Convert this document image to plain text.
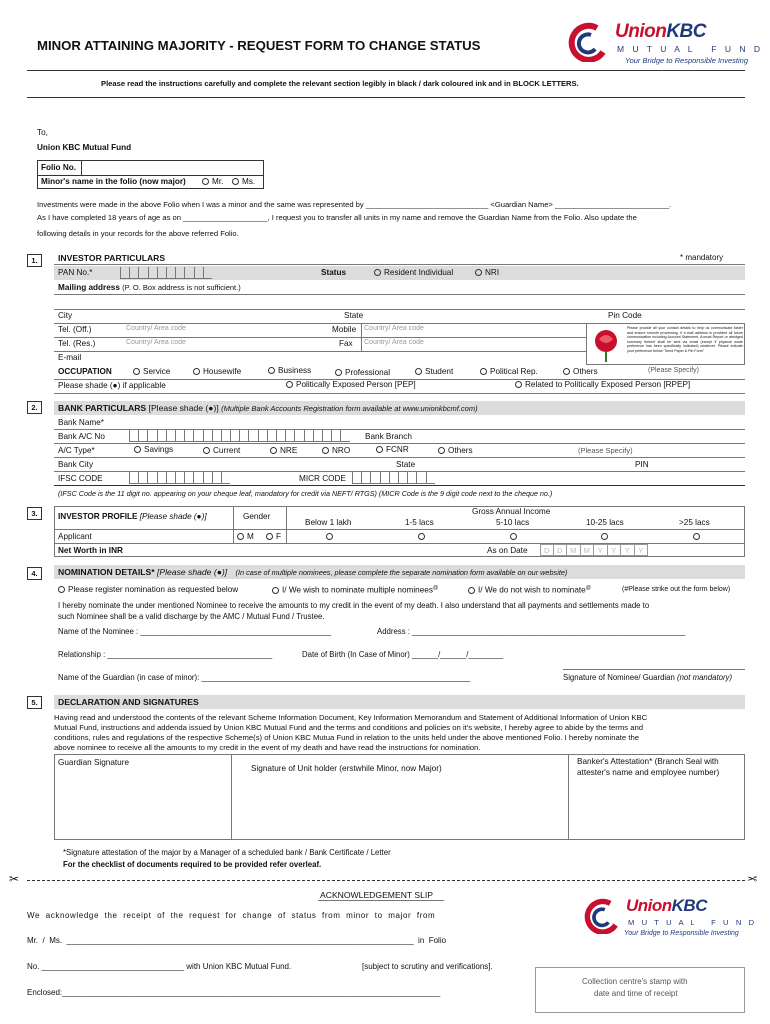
MINOR ATTAINING MAJORITY - REQUEST FORM TO CHANGE STATUS
UnionKBC
M U T U A L   F U N D
Your Bridge to Responsible Investing
Please read the instructions carefully and complete the relevant section legibly in black / dark coloured ink and in BLOCK LETTERS.
To,
Union KBC Mutual Fund
Folio No.
Minor's name in the folio (now major)	Mr.	Ms.
Investments were made in the above Folio when I was a minor and the same was represented by _____________________________ <Guardian Name> ___________________________.
As I have completed 18 years of age as on ____________________, I request you to transfer all units in my name and remove the Guardian Name from the Folio. Also update the
following details in your records for the above referred Folio.
1.	INVESTOR PARTICULARS	* mandatory
PAN No.*	Status	Resident Individual	NRI
Mailing address (P. O. Box address is not sufficient.)
City	State	Pin Code
Tel. (Off.)	Country/ Area code	Mobile Country/ Area code
Tel. (Res.)	Country/ Area code	Fax Country/ Area code
E-mail
Please provide all your contact details to help us communicate faster and ensure smooth processing. If e-mail address is provided all future communication including Account Statement, Annual Report or abridged summary thereof shall be sent via email (except if physical mode preference has been specifically indicated) whatever. Please indicate your preference below "Send Paper & Pin Form"
OCCUPATION	Service	Housewife	Business	Professional	Student	Political Rep.	Others	(Please Specify)
Please shade (●) if applicable	Politically Exposed Person [PEP]	Related to Politically Exposed Person [RPEP]
2.	BANK PARTICULARS [Please shade (●)] (Multiple Bank Accounts Registration form available at www.unionkbcmf.com)
Bank Name*
Bank A/C No	Bank Branch
A/C Type*	Savings	Current	NRE	NRO	FCNR	Others	(Please Specify)
Bank City	State	PIN
IFSC CODE	MICR CODE
(IFSC Code is the 11 digit no. appearing on your cheque leaf, mandatory for credit via NEFT/ RTGS) (MICR Code is the 9 digit code next to the cheque no.)
3.	INVESTOR PROFILE [Please shade (●)]	Gender
Gross Annual Income
Below 1 lakh	1-5 lacs	5-10 lacs	10-25 lacs	>25 lacs
Applicant	M	F
Net Worth in INR	As on Date	D	D	M M	Y	Y	Y	Y
4.	NOMINATION DETAILS* [Please shade (●)] (In case of multiple nominees, please complete the separate nomination form available on our website)
Please register nomination as requested below	I/ We wish to nominate multiple nominees@	I/ We do not wish to nominate@	(#Please strike out the form below)
I hereby nominate the under mentioned Nominee to receive the amounts to my credit in the event of my death. I also understand that all payments and settlements made to
such Nominee shall be a valid discharge by the AMC / Mutual Fund / Trustee.
Name of the Nominee : ____________________________________________	Address : _______________________________________________________________
Relationship : ______________________________________	Date of Birth (In Case of Minor) ______/______/________
Name of the Guardian (in case of minor): ______________________________________________________________	Signature of Nominee/ Guardian (not mandatory)
5.	DECLARATION AND SIGNATURES
Having read and understood the contents of the relevant Scheme Information Document, Key Information Memorandum and Statement of Additional Information of Union KBC
Mutual Fund, instructions and addenda issued by Union KBC Mutual Fund and the terms and conditions and policies on it's website, I hereby agree to abide by the terms and
conditions, rules and regulations of the respective Scheme(s) of Union KBC Mutua Fund in relation to the units held under the above mentioned Folio. I hereby nominate the
above nominee to receive all the amounts to my credit in the event of my death and have read the instructions for nomination.
Guardian Signature
Signature of Unit holder (erstwhile Minor, now Major)
Banker's Attestation* (Branch Seal with
attester's name and employee number)
*Signature attestation of the major by a Manager of a scheduled bank / Bank Certificate / Letter
For the checklist of documents required to be provided refer overleaf.
✂	✂
ACKNOWLEDGEMENT SLIP
We  acknowledge  the  receipt  of  the  request  for  change  of  status  from  minor  to  major  from
Mr.  /  Ms.  ______________________________________________________________________________  in  Folio
No. ________________________________ with Union KBC Mutual Fund.	[subject to scrutiny and verifications].
Enclosed:_____________________________________________________________________________________
UnionKBC
M U T U A L   F U N D
Your Bridge to Responsible Investing
Collection centre's stamp with
date and time of receipt
